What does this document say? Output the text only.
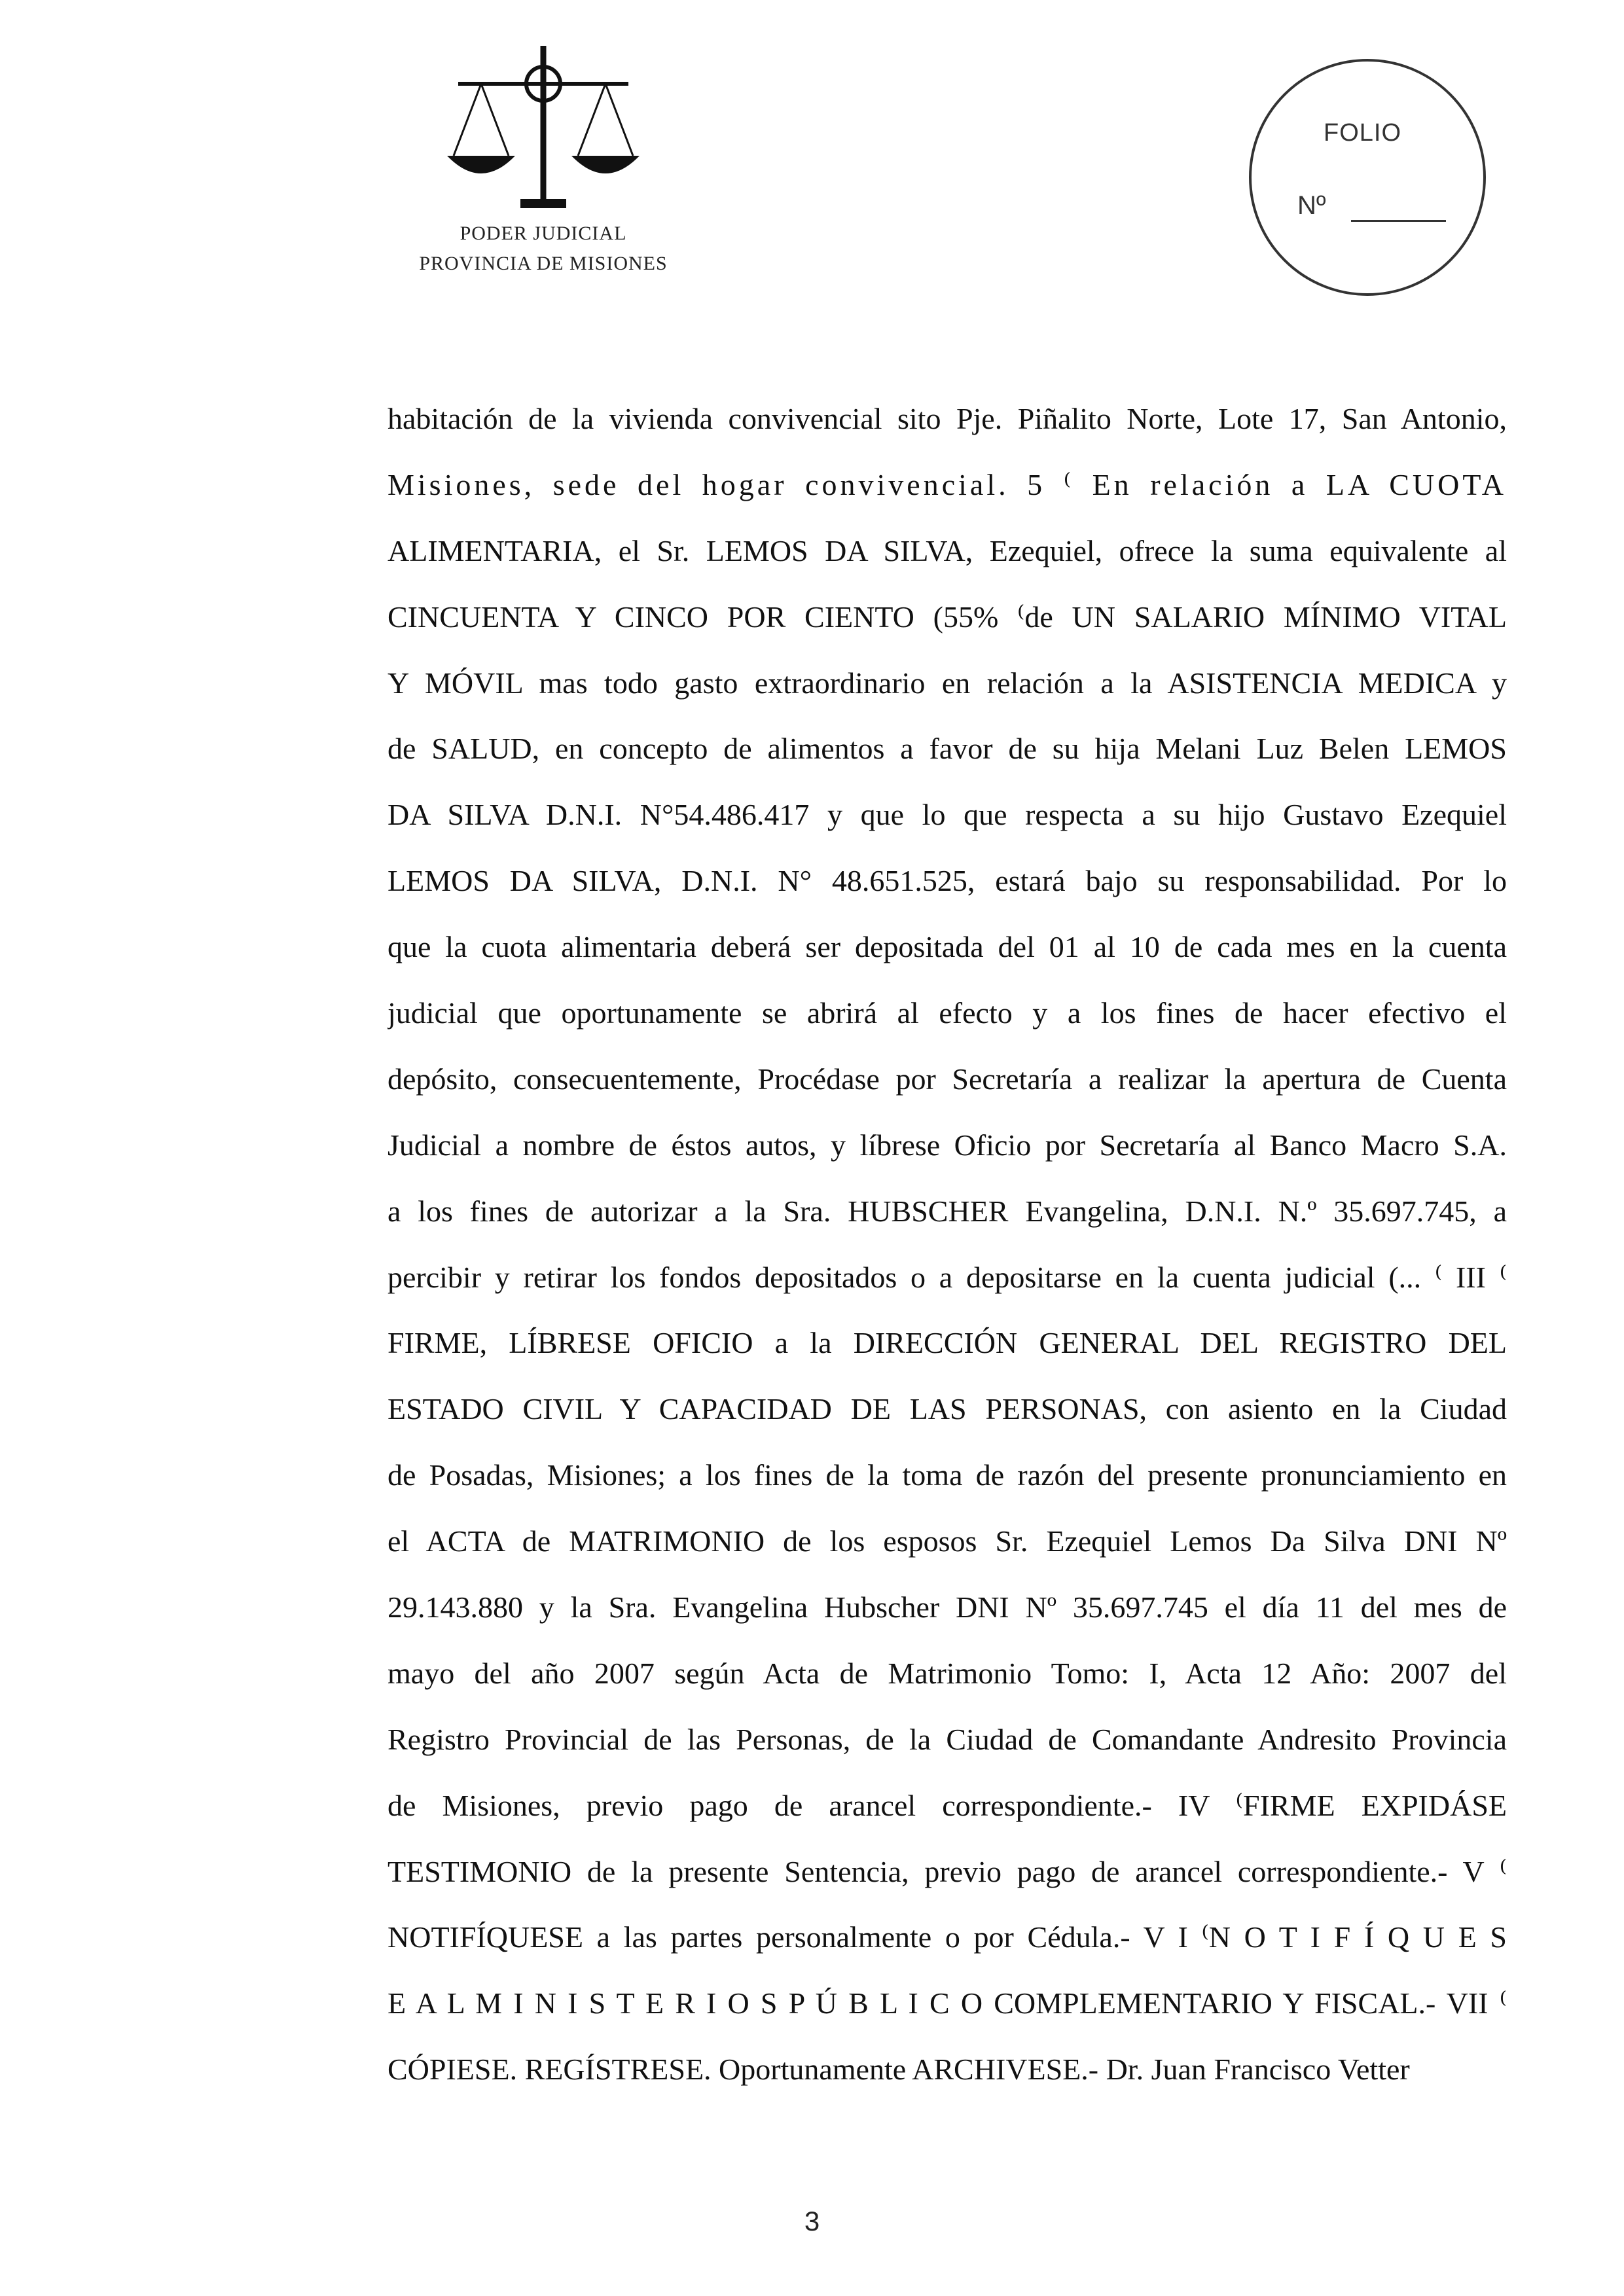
PODER JUDICIAL
PROVINCIA DE MISIONES
FOLIO
Nº
habitación de la vivienda convivencial sito Pje. Piñalito Norte, Lote 17, San Antonio,
Misiones, sede del hogar convivencial. 5 ⁽ En relación a LA CUOTA
ALIMENTARIA, el Sr. LEMOS DA SILVA, Ezequiel, ofrece la suma equivalente al
CINCUENTA Y CINCO POR CIENTO (55% ⁽de UN SALARIO MÍNIMO VITAL
Y MÓVIL mas todo gasto extraordinario en relación a la ASISTENCIA MEDICA y
de SALUD, en concepto de alimentos a favor de su hija Melani Luz Belen LEMOS
DA SILVA D.N.I. N°54.486.417 y que lo que respecta a su hijo Gustavo Ezequiel
LEMOS DA SILVA, D.N.I. N° 48.651.525, estará bajo su responsabilidad. Por lo
que la cuota alimentaria deberá ser depositada del 01 al 10 de cada mes en la cuenta
judicial que oportunamente se abrirá al efecto y a los fines de hacer efectivo el
depósito, consecuentemente, Procédase por Secretaría a realizar la apertura de Cuenta
Judicial a nombre de éstos autos, y líbrese Oficio por Secretaría al Banco Macro S.A.
a los fines de autorizar a la Sra. HUBSCHER Evangelina, D.N.I. N.º 35.697.745, a
percibir y retirar los fondos depositados o a depositarse en la cuenta judicial (... ⁽ III ⁽
FIRME, LÍBRESE OFICIO a la DIRECCIÓN GENERAL DEL REGISTRO DEL
ESTADO CIVIL Y CAPACIDAD DE LAS PERSONAS, con asiento en la Ciudad
de Posadas, Misiones; a los fines de la toma de razón del presente pronunciamiento en
el ACTA de MATRIMONIO de los esposos Sr. Ezequiel Lemos Da Silva DNI Nº
29.143.880 y la Sra. Evangelina Hubscher DNI Nº 35.697.745 el día 11 del mes de
mayo del año 2007 según Acta de Matrimonio Tomo: I, Acta 12 Año: 2007 del
Registro Provincial de las Personas, de la Ciudad de Comandante Andresito Provincia
de Misiones, previo pago de arancel correspondiente.- IV ⁽FIRME EXPIDÁSE
TESTIMONIO de la presente Sentencia, previo pago de arancel correspondiente.- V ⁽
NOTIFÍQUESE a las partes personalmente o por Cédula.- V I ⁽N O T I F Í Q U E S
E A L M I N I S T E R I O S P Ú B L I C O COMPLEMENTARIO Y FISCAL.- VII ⁽
CÓPIESE. REGÍSTRESE. Oportunamente ARCHIVESE.- Dr. Juan Francisco Vetter
3
